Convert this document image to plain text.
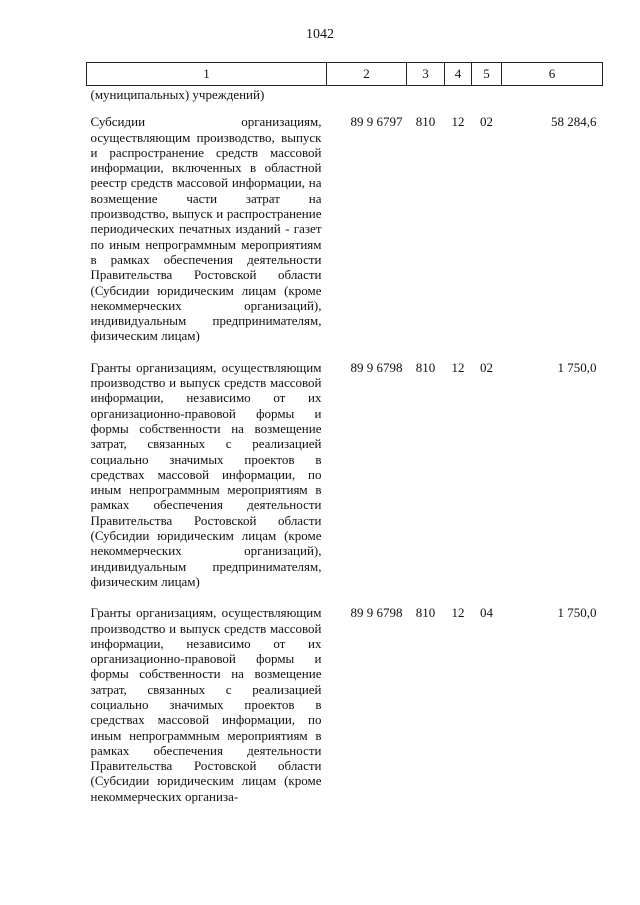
1042
1	2	3	4	5	6
(муниципальных) учреждений)					
Субсидии организациям, осуществляющим производство, выпуск и распространение средств массовой информации, включенных в областной реестр средств массовой информации, на возмещение части затрат на производство, выпуск и распространение периодических печатных изданий - газет по иным непрограммным мероприятиям в рамках обеспечения деятельности Правительства Ростовской области (Субсидии юридическим лицам (кроме некоммерческих организаций), индивидуальным предпринимателям, физическим лицам)	89 9 6797	810	12	02	58 284,6
Гранты организациям, осуществляющим производство и выпуск средств массовой информации, независимо от их организационно-правовой формы и формы собственности на возмещение затрат, связанных с реализацией социально значимых проектов в средствах массовой информации, по иным непрограммным мероприятиям в рамках обеспечения деятельности Правительства Ростовской области (Субсидии юридическим лицам (кроме некоммерческих организаций), индивидуальным предпринимателям, физическим лицам)	89 9 6798	810	12	02	1 750,0
Гранты организациям, осуществляющим производство и выпуск средств массовой информации, независимо от их организационно-правовой формы и формы собственности на возмещение затрат, связанных с реализацией социально значимых проектов в средствах массовой информации, по иным непрограммным мероприятиям в рамках обеспечения деятельности Правительства Ростовской области (Субсидии юридическим лицам (кроме некоммерческих организа-	89 9 6798	810	12	04	1 750,0
